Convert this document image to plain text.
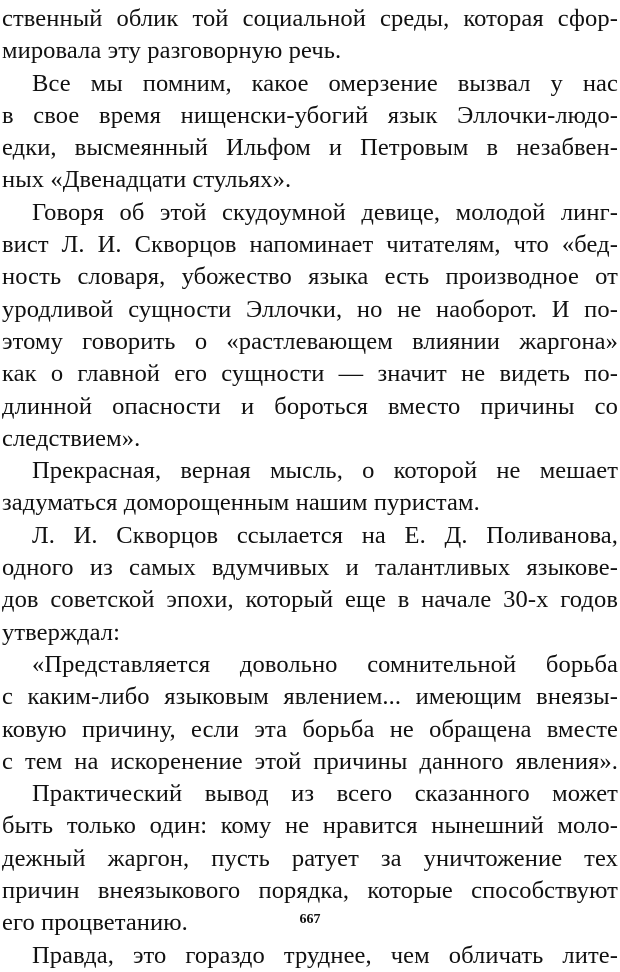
ственный облик той социальной среды, которая сфор-
мировала эту разговорную речь.
Все мы помним, какое омерзение вызвал у нас
в свое время нищенски-убогий язык Эллочки-людо-
едки, высмеянный Ильфом и Петровым в незабвен-
ных «Двенадцати стульях».
Говоря об этой скудоумной девице, молодой линг-
вист Л. И. Скворцов напоминает читателям, что «бед-
ность словаря, убожество языка есть производное от
уродливой сущности Эллочки, но не наоборот. И по-
этому говорить о «растлевающем влиянии жаргона»
как о главной его сущности — значит не видеть по-
длинной опасности и бороться вместо причины со
следствием».
Прекрасная, верная мысль, о которой не мешает
задуматься доморощенным нашим пуристам.
Л. И. Скворцов ссылается на Е. Д. Поливанова,
одного из самых вдумчивых и талантливых языкове-
дов советской эпохи, который еще в начале 30-х годов
утверждал:
«Представляется довольно сомнительной борьба
с каким-либо языковым явлением... имеющим внеязы-
ковую причину, если эта борьба не обращена вместе
с тем на искоренение этой причины данного явления».
Практический вывод из всего сказанного может
быть только один: кому не нравится нынешний моло-
дежный жаргон, пусть ратует за уничтожение тех
причин внеязыкового порядка, которые способствуют
его процветанию.
Правда, это гораздо труднее, чем обличать лите-
667
